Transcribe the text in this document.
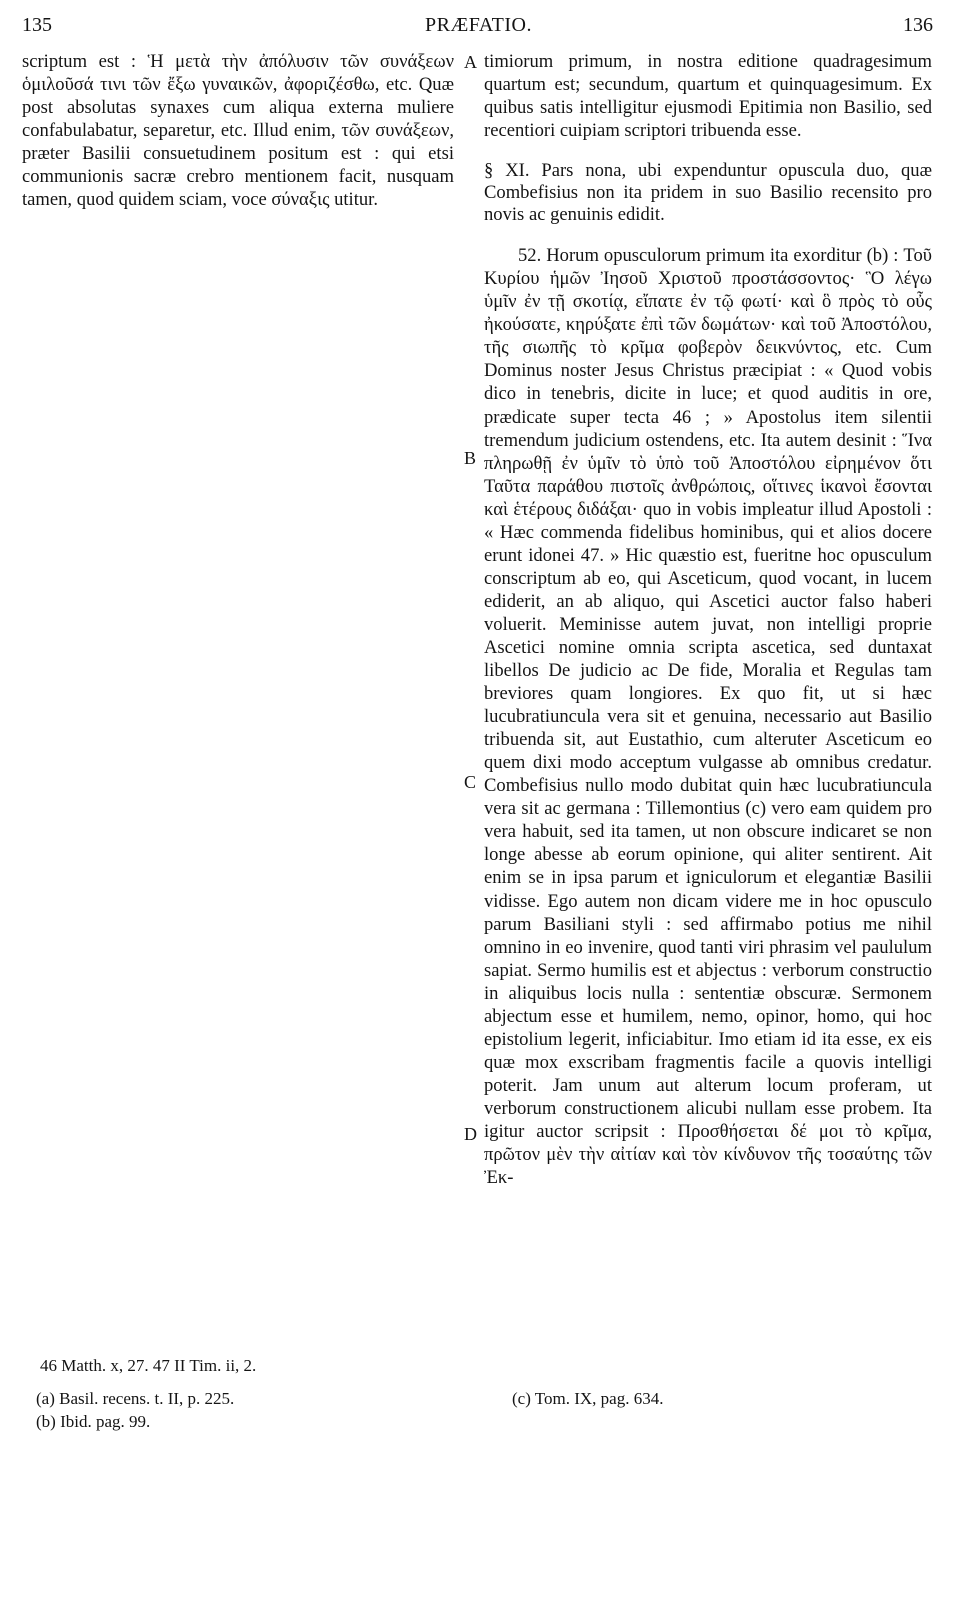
135	PRÆFATIO.	136

scriptum est : Ἡ μετὰ τὴν ἀπόλυσιν τῶν συνάξεων ὁμιλοῦσά τινι τῶν ἔξω γυναικῶν, ἀφοριζέσθω, etc. Quæ post absolutas synaxes cum aliqua externa muliere confabulabatur, separetur, etc. Illud enim, τῶν συνάξεων, præter Basilii consuetudinem positum est : qui etsi communionis sacræ crebro mentionem facit, nusquam tamen, quod quidem sciam, voce σύναξις utitur.

timiorum primum, in nostra editione quadragesimum quartum est; secundum, quartum et quinquagesimum. Ex quibus satis intelligitur ejusmodi Epitimia non Basilio, sed recentiori cuipiam scriptori tribuenda esse.

§ XI. Pars nona, ubi expenduntur opuscula duo, quæ Combefisius non ita pridem in suo Basilio recensito pro novis ac genuinis edidit.

52. Horum opusculorum primum ita exorditur (b) : Τοῦ Κυρίου ἡμῶν Ἰησοῦ Χριστοῦ προστάσσοντος· Ὃ λέγω ὑμῖν ἐν τῇ σκοτίᾳ, εἴπατε ἐν τῷ φωτί· καὶ ὃ πρὸς τὸ οὖς ἠκούσατε, κηρύξατε ἐπὶ τῶν δωμάτων· καὶ τοῦ Ἀποστόλου, τῆς σιωπῆς τὸ κρῖμα φοβερὸν δεικνύντος, etc. Cum Dominus noster Jesus Christus præcipiat : « Quod vobis dico in tenebris, dicite in luce; et quod auditis in ore, prædicate super tecta 46 ; » Apostolus item silentii tremendum judicium ostendens, etc. Ita autem desinit : Ἵνα πληρωθῇ ἐν ὑμῖν τὸ ὑπὸ τοῦ Ἀποστόλου εἰρημένον ὅτι Ταῦτα παράθου πιστοῖς ἀνθρώποις, οἵτινες ἱκανοὶ ἔσονται καὶ ἑτέρους διδάξαι· quo in vobis impleatur illud Apostoli : « Hæc commenda fidelibus hominibus, qui et alios docere erunt idonei 47. » Hic quæstio est, fueritne hoc opusculum conscriptum ab eo, qui Asceticum, quod vocant, in lucem ediderit, an ab aliquo, qui Ascetici auctor falso haberi voluerit. Meminisse autem juvat, non intelligi proprie Ascetici nomine omnia scripta ascetica, sed duntaxat libellos De judicio ac De fide, Moralia et Regulas tam breviores quam longiores. Ex quo fit, ut si hæc lucubratiuncula vera sit et genuina, necessario aut Basilio tribuenda sit, aut Eustathio, cum alteruter Asceticum eo quem dixi modo acceptum vulgasse ab omnibus credatur. Combefisius nullo modo dubitat quin hæc lucubratiuncula vera sit ac germana : Tillemontius (c) vero eam quidem pro vera habuit, sed ita tamen, ut non obscure indicaret se non longe abesse ab eorum opinione, qui aliter sentirent. Ait enim se in ipsa parum et igniculorum et elegantiæ Basilii vidisse. Ego autem non dicam videre me in hoc opusculo parum Basiliani styli : sed affirmabo potius me nihil omnino in eo invenire, quod tanti viri phrasim vel paululum sapiat. Sermo humilis est et abjectus : verborum constructio in aliquibus locis nulla : sententiæ obscuræ. Sermonem abjectum esse et humilem, nemo, opinor, homo, qui hoc epistolium legerit, inficiabitur. Imo etiam id ita esse, ex eis quæ mox exscribam fragmentis facile a quovis intelligi poterit. Jam unum aut alterum locum proferam, ut verborum constructionem alicubi nullam esse probem. Ita igitur auctor scripsit : Προσθήσεται δέ μοι τὸ κρῖμα, πρῶτον μὲν τὴν αἰτίαν καὶ τὸν κίνδυνον τῆς τοσαύτης τῶν Ἐκ-

A
B
C
D
46 Matth. x, 27. 47 II Tim. ii, 2.
(a) Basil. recens. t. II, p. 225.
(b) Ibid. pag. 99.
(c) Tom. IX, pag. 634.
